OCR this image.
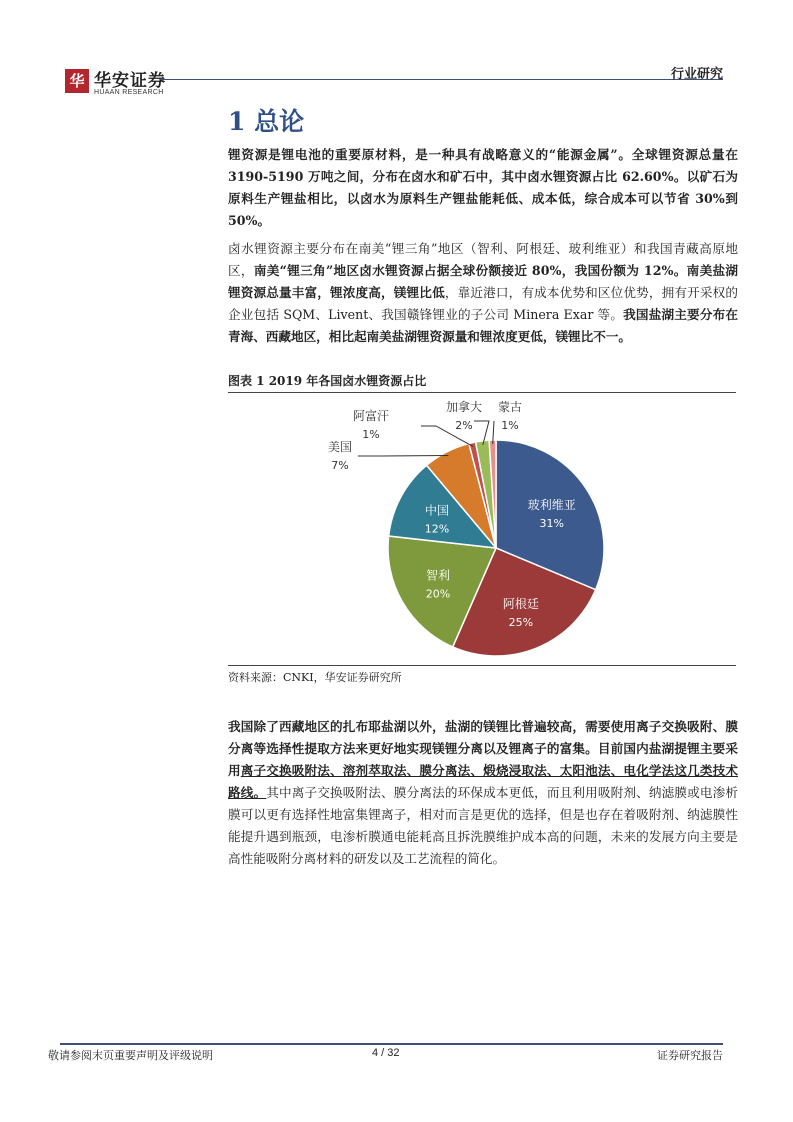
华 华安证券
HUAAN RESEARCH
行业研究
1 总论
锂资源是锂电池的重要原材料，是一种具有战略意义的“能源金属”。全球锂资源总量在 3190-5190 万吨之间，分布在卤水和矿石中，其中卤水锂资源占比 62.60%。以矿石为原料生产锂盐相比，以卤水为原料生产锂盐能耗低、成本低，综合成本可以节省 30%到 50%。
卤水锂资源主要分布在南美“锂三角”地区（智利、阿根廷、玻利维亚）和我国青藏高原地区，南美“锂三角”地区卤水锂资源占据全球份额接近 80%，我国份额为 12%。南美盐湖锂资源总量丰富，锂浓度高，镁锂比低，靠近港口，有成本优势和区位优势，拥有开采权的企业包括 SQM、Livent、我国赣锋锂业的子公司 Minera Exar 等。我国盐湖主要分布在青海、西藏地区，相比起南美盐湖锂资源量和锂浓度更低，镁锂比不一。
图表 1 2019 年各国卤水锂资源占比
玻利维亚
31%
阿根廷
25%
智利
20%
中国
12%
美国
7%
阿富汗
1%
加拿大
2%
蒙古
1%
资料来源：CNKI，华安证券研究所
我国除了西藏地区的扎布耶盐湖以外，盐湖的镁锂比普遍较高，需要使用离子交换吸附、膜分离等选择性提取方法来更好地实现镁锂分离以及锂离子的富集。目前国内盐湖提锂主要采用离子交换吸附法、溶剂萃取法、膜分离法、煅烧浸取法、太阳池法、电化学法这几类技术路线。其中离子交换吸附法、膜分离法的环保成本更低，而且利用吸附剂、纳滤膜或电渗析膜可以更有选择性地富集锂离子，相对而言是更优的选择，但是也存在着吸附剂、纳滤膜性能提升遇到瓶颈，电渗析膜通电能耗高且拆洗膜维护成本高的问题，未来的发展方向主要是高性能吸附分离材料的研发以及工艺流程的简化。
敬请参阅末页重要声明及评级说明	4 / 32	证券研究报告
